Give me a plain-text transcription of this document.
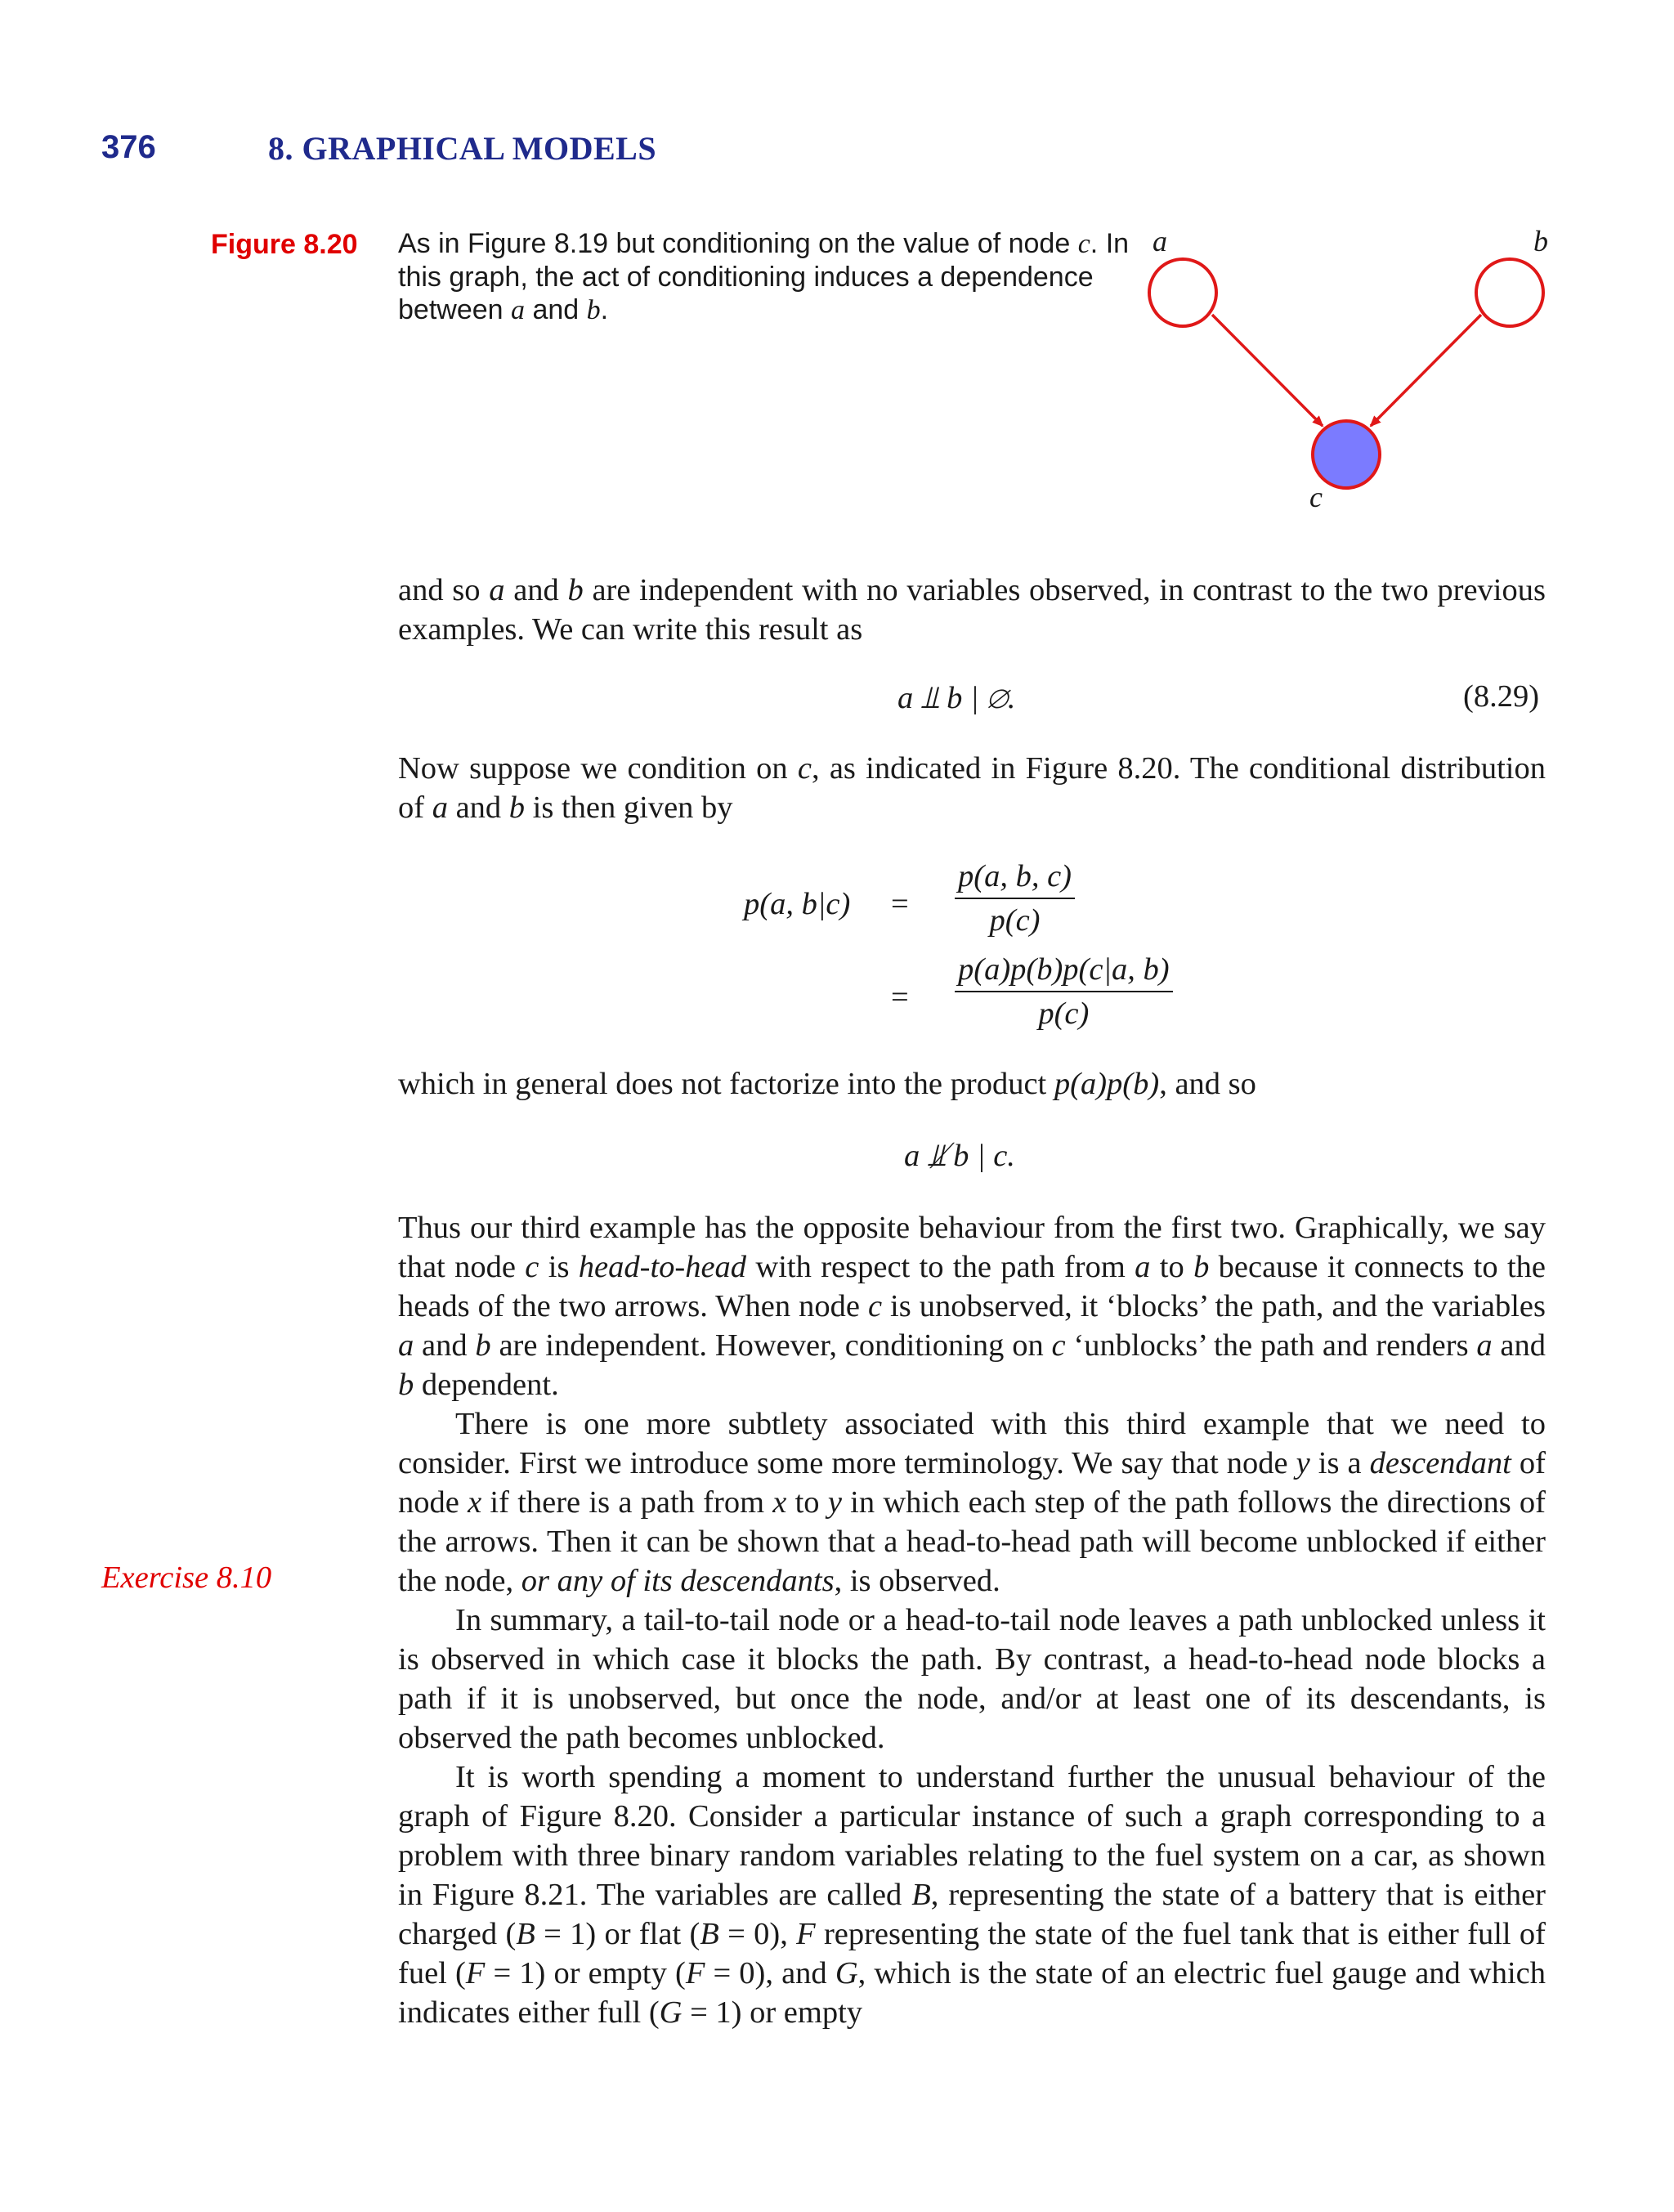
376	8. GRAPHICAL MODELS
Figure 8.20 As in Figure 8.19 but conditioning on the value of node c. In this graph, the act of conditioning induces a dependence between a and b.
a	b
c
and so a and b are independent with no variables observed, in contrast to the two previous examples. We can write this result as
a ⫫ b | ∅.	(8.29)
Now suppose we condition on c, as indicated in Figure 8.20. The conditional distribution of a and b is then given by
p(a, $b|c) = \frac{p(a, b, c)}{p(c)}$
= $\frac{p(a)p(b)p(c|a, b)}{p(c)}$
which in general does not factorize into the product p(a)p(b), and so
a ⫫̸ b | c.

Thus our third example has the opposite behaviour from the first two. Graphically, we say that node c is head-to-head with respect to the path from a to b because it connects to the heads of the two arrows. When node c is unobserved, it ‘blocks’ the path, and the variables a and b are independent. However, conditioning on c ‘unblocks’ the path and renders a and b dependent.

There is one more subtlety associated with this third example that we need to consider. First we introduce some more terminology. We say that node y is a descendant of node x if there is a path from x to y in which each step of the path follows the directions of the arrows. Then it can be shown that a head-to-head path will become unblocked if either the node, or any of its descendants, is observed.

In summary, a tail-to-tail node or a head-to-tail node leaves a path unblocked unless it is observed in which case it blocks the path. By contrast, a head-to-head node blocks a path if it is unobserved, but once the node, and/or at least one of its descendants, is observed the path becomes unblocked.

It is worth spending a moment to understand further the unusual behaviour of the graph of Figure 8.20. Consider a particular instance of such a graph corresponding to a problem with three binary random variables relating to the fuel system on a car, as shown in Figure 8.21. The variables are called B, representing the state of a battery that is either charged (B = 1) or flat (B = 0), F representing the state of the fuel tank that is either full of fuel (F = 1) or empty (F = 0), and G, which is the state of an electric fuel gauge and which indicates either full (G = 1) or empty

Exercise 8.10
